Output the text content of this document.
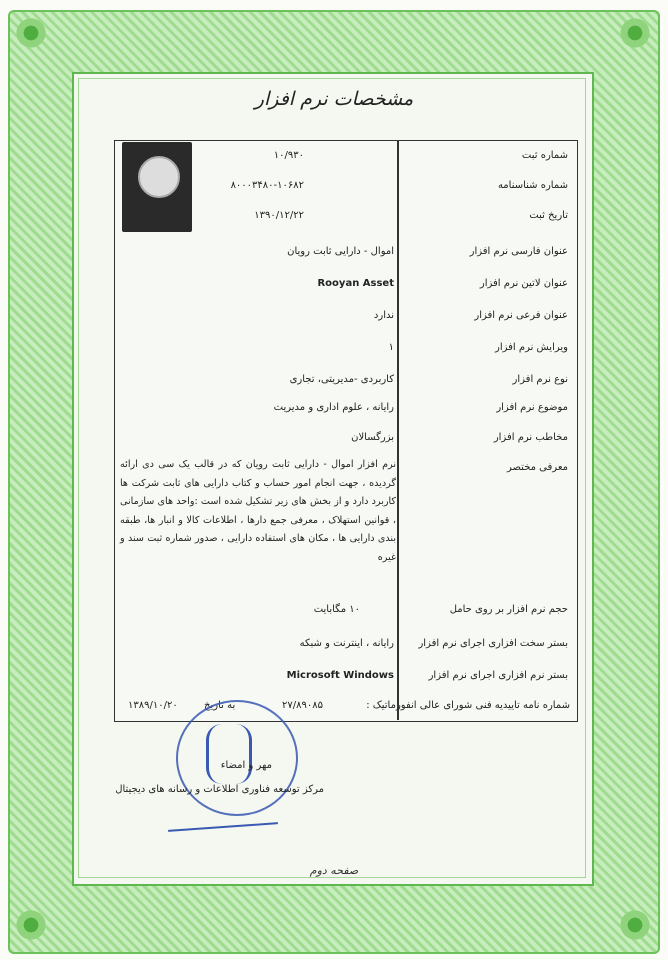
مشخصات نرم افزار
شماره ثبت
۱۰/۹۳۰
شماره شناسنامه
۸۰۰۰۳۴۸۰-۱۰۶۸۲
تاریخ ثبت
۱۳۹۰/۱۲/۲۲
عنوان فارسی نرم افزار
اموال - دارایی ثابت رویان
عنوان لاتین نرم افزار
Rooyan Asset
عنوان فرعی نرم افزار
ندارد
ویرایش نرم افزار
۱
نوع نرم افزار
کاربردی -مدیریتی، تجاری
موضوع نرم افزار
رایانه ، علوم اداری و مدیریت
مخاطب نرم افزار
بزرگسالان
معرفی مختصر
نرم افزار اموال - دارایی ثابت رویان که در قالب یک سی دی ارائه گردیده ، جهت انجام امور حساب و کتاب دارایی های ثابت شرکت ها کاربرد دارد و از بخش های زیر تشکیل شده است :واحد های سازمانی ، قوانین استهلاک ، معرفی جمع دارها ، اطلاعات کالا و انبار ها، طبقه بندی دارایی ها ، مکان های استفاده دارایی ، صدور شماره ثبت سند و غیره
حجم نرم افزار بر روی حامل
۱۰ مگابایت
بستر سخت افزاری اجرای نرم افزار
رایانه ، اینترنت و شبکه
بستر نرم افزاری اجرای نرم افزار
Microsoft Windows
شماره نامه تاییدیه فنی شورای عالی انفورماتیک :
۲۷/۸۹۰۸۵
به تاریخ
۱۳۸۹/۱۰/۲۰
مهر و امضاء
مرکز توسعه فناوری اطلاعات و رسانه های دیجیتال
صفحه دوم
